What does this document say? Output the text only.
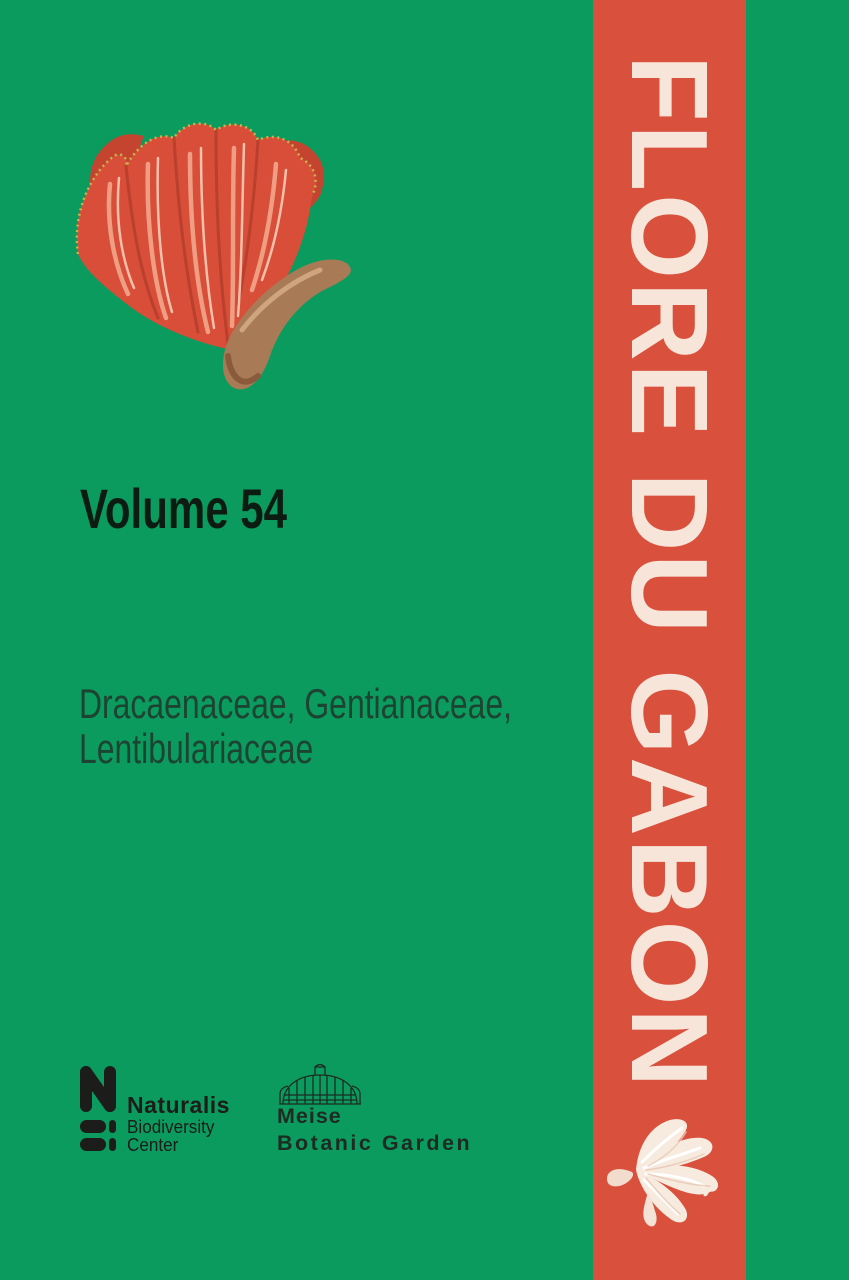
Volume 54
Dracaenaceae, Gentianaceae,
Lentibulariaceae
Naturalis
Biodiversity
Center
Meise
Botanic Garden
FLORE DU GABON
